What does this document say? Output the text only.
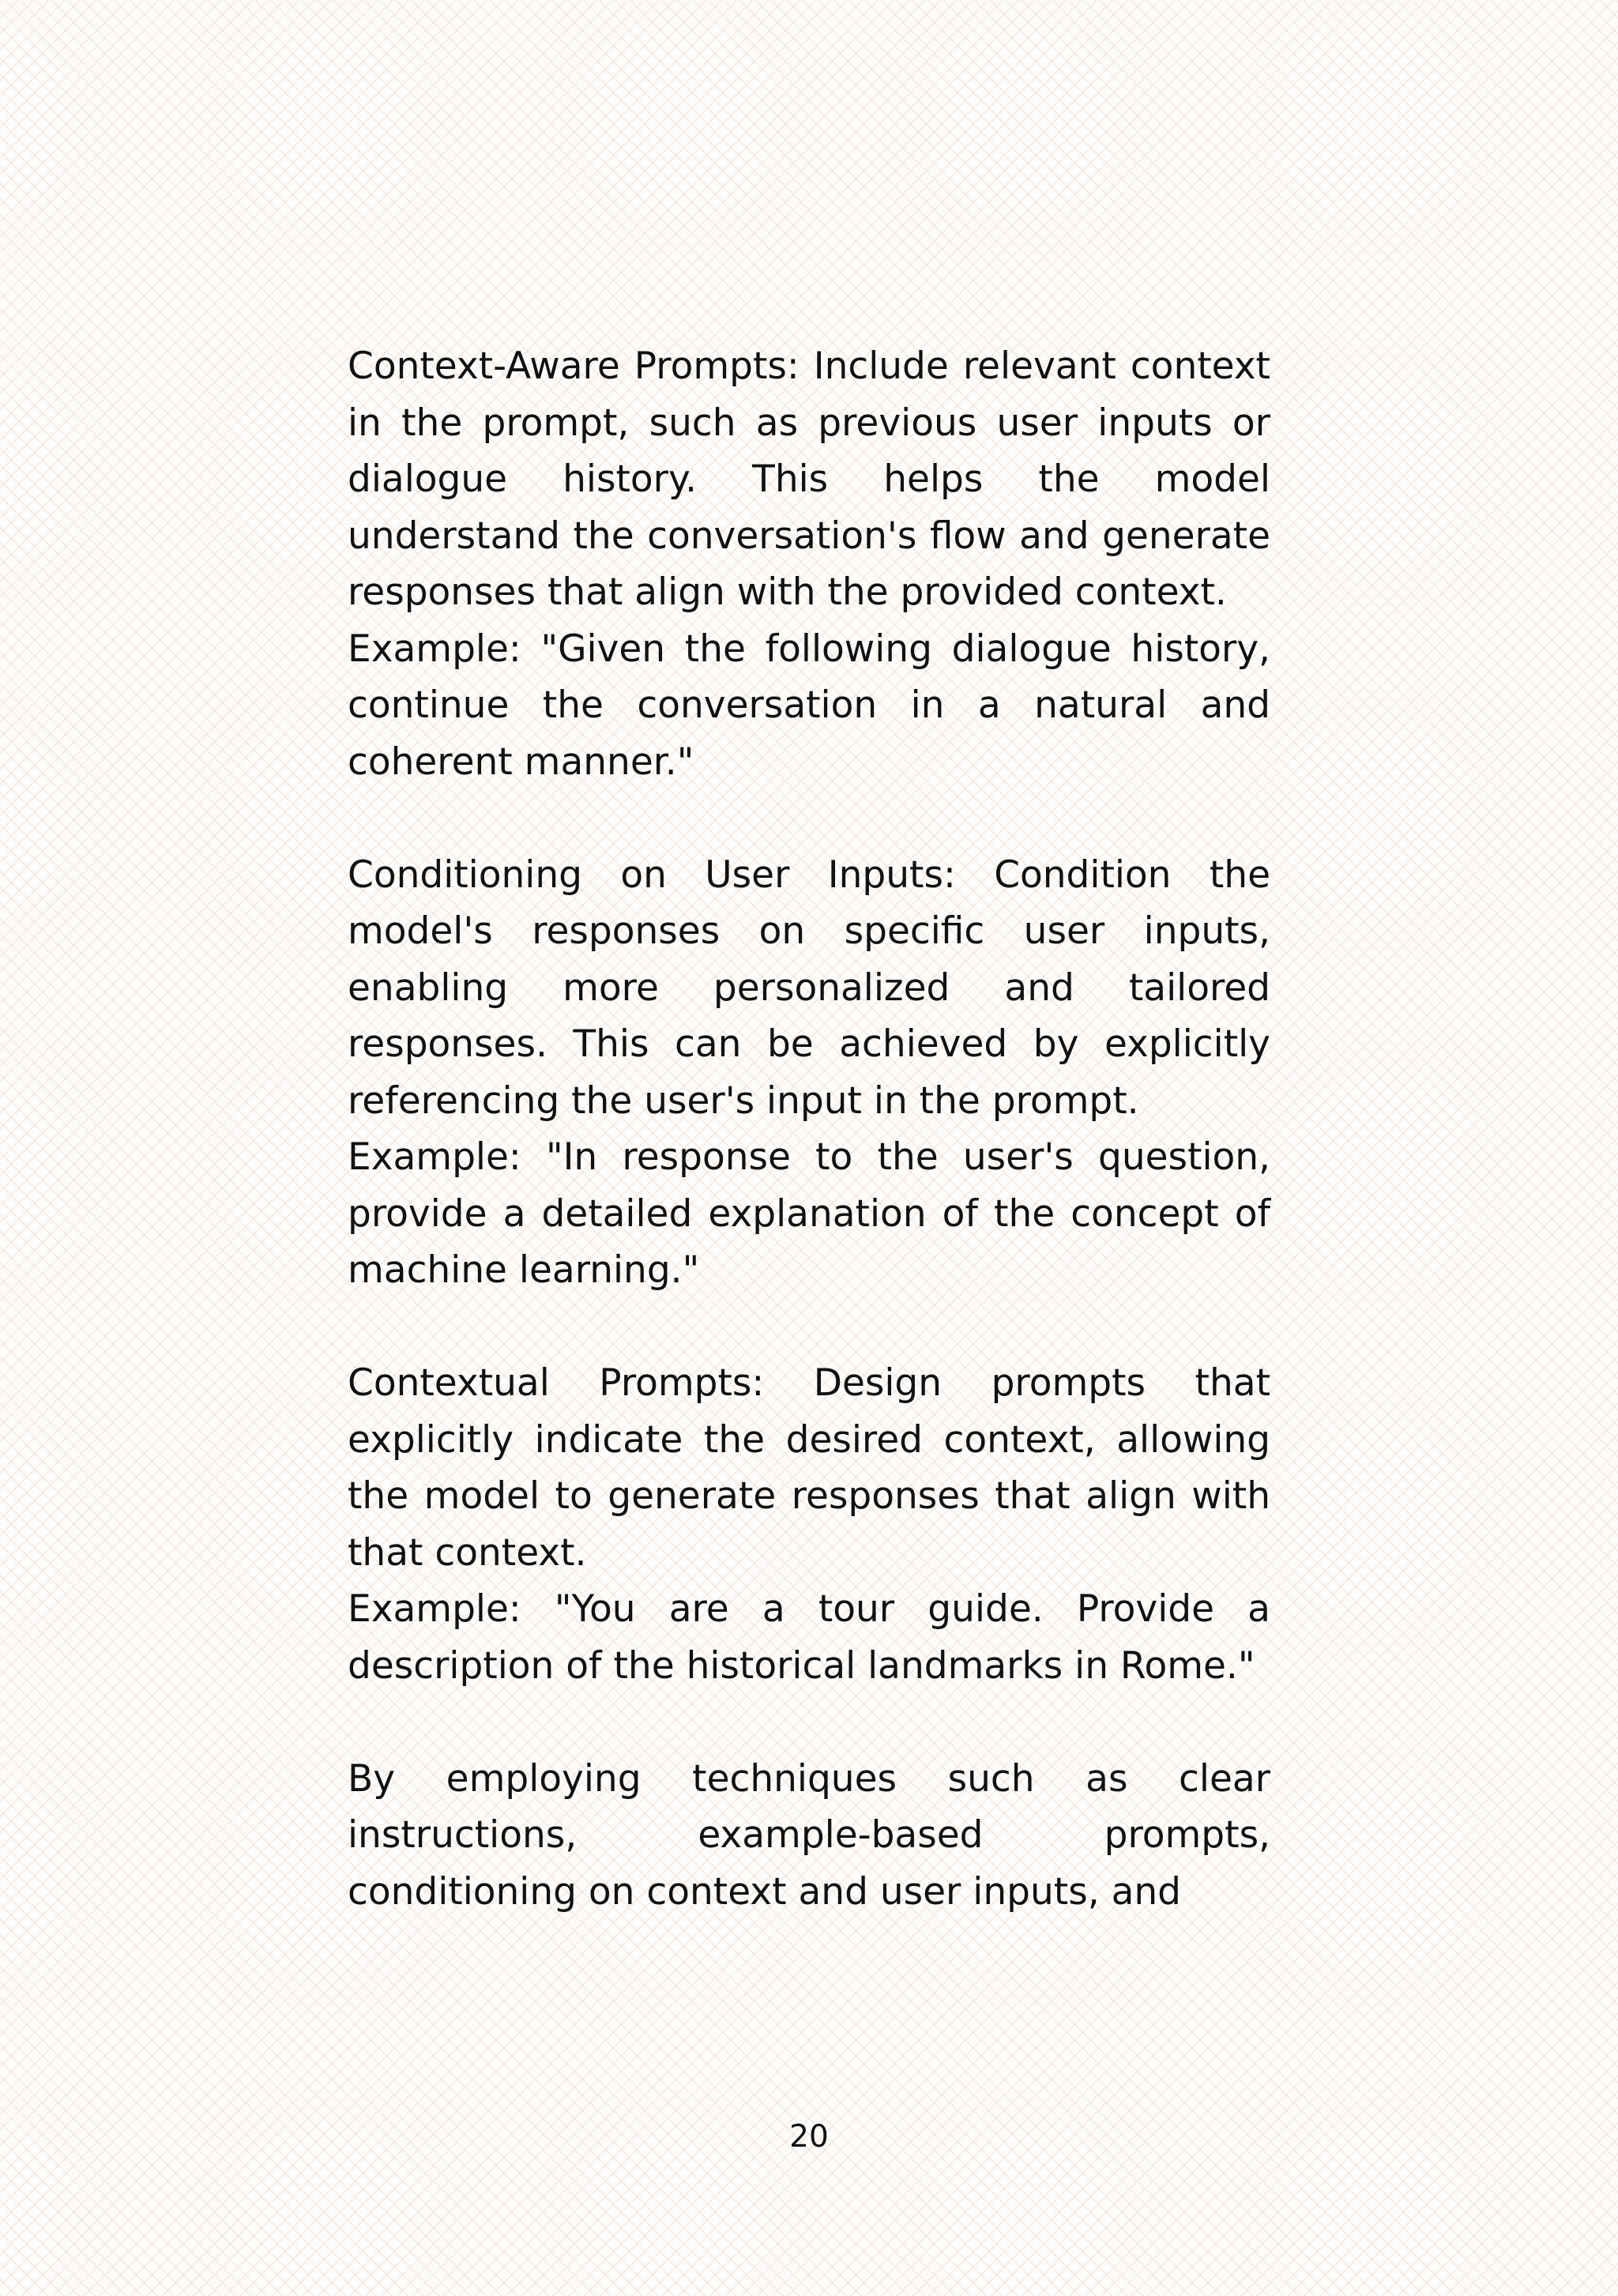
Context-Aware Prompts: Include relevant context in the prompt, such as previous user inputs or dialogue history. This helps the model understand the conversation's flow and generate responses that align with the provided context.

Example: "Given the following dialogue history, continue the conversation in a natural and coherent manner."

Conditioning on User Inputs: Condition the model's responses on specific user inputs, enabling more personalized and tailored responses. This can be achieved by explicitly referencing the user's input in the prompt.

Example: "In response to the user's question, provide a detailed explanation of the concept of machine learning."

Contextual Prompts: Design prompts that explicitly indicate the desired context, allowing the model to generate responses that align with that context.

Example: "You are a tour guide. Provide a description of the historical landmarks in Rome."

By employing techniques such as clear instructions, example-based prompts, conditioning on context and user inputs, and

20
